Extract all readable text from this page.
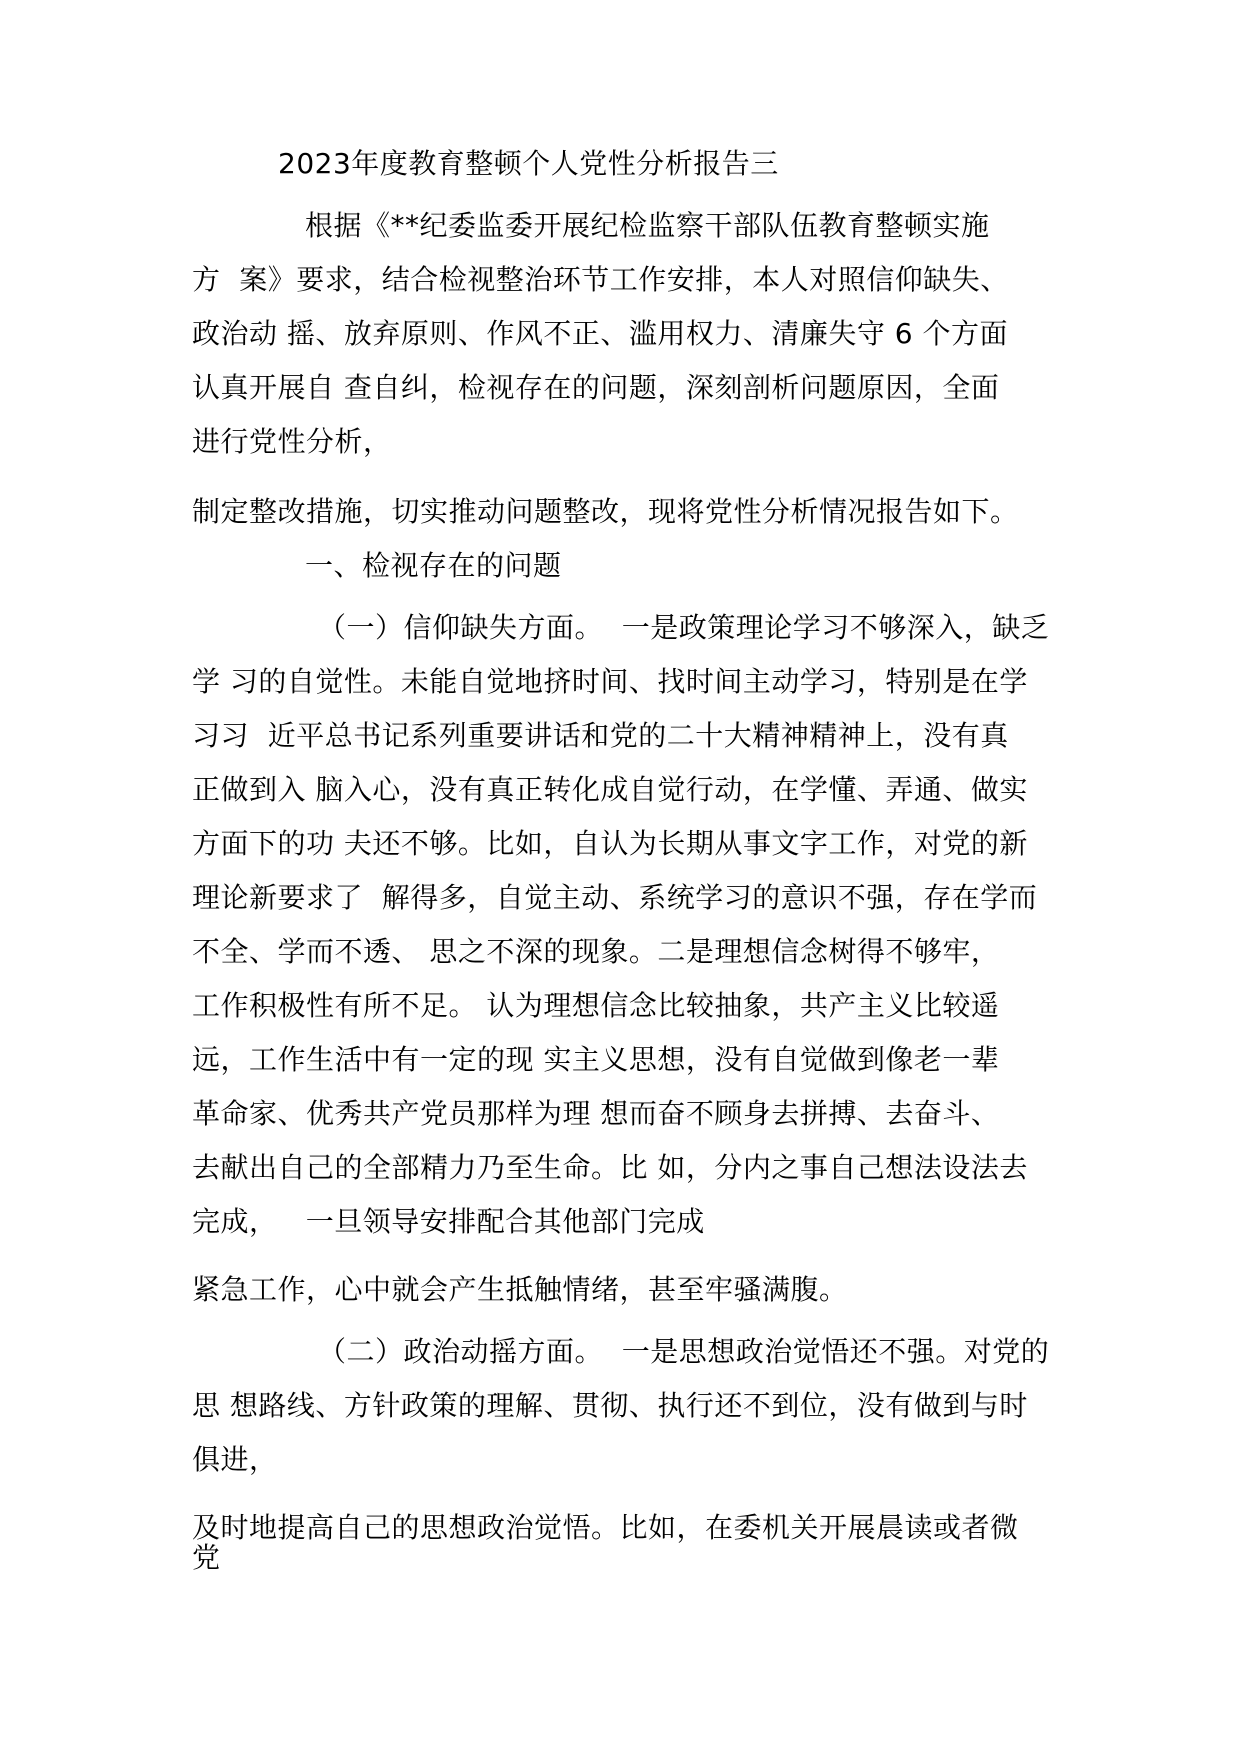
2023年度教育整顿个人党性分析报告三
根据《**纪委监委开展纪检监察干部队伍教育整顿实施
方  案》要求，结合检视整治环节工作安排，本人对照信仰缺失、
政治动 摇、放弃原则、作风不正、滥用权力、清廉失守 6 个方面
认真开展自 查自纠，检视存在的问题，深刻剖析问题原因，全面
进行党性分析，
制定整改措施，切实推动问题整改，现将党性分析情况报告如下。
一、检视存在的问题
（一）信仰缺失方面。  一是政策理论学习不够深入，缺乏
学 习的自觉性。未能自觉地挤时间、找时间主动学习，特别是在学
习习  近平总书记系列重要讲话和党的二十大精神精神上，没有真
正做到入 脑入心，没有真正转化成自觉行动，在学懂、弄通、做实
方面下的功 夫还不够。比如，自认为长期从事文字工作，对党的新
理论新要求了  解得多，自觉主动、系统学习的意识不强，存在学而
不全、学而不透、 思之不深的现象。二是理想信念树得不够牢，
工作积极性有所不足。 认为理想信念比较抽象，共产主义比较遥
远，工作生活中有一定的现 实主义思想，没有自觉做到像老一辈
革命家、优秀共产党员那样为理 想而奋不顾身去拼搏、去奋斗、
去献出自己的全部精力乃至生命。比 如，分内之事自己想法设法去
完成，   一旦领导安排配合其他部门完成
紧急工作，心中就会产生抵触情绪，甚至牢骚满腹。
（二）政治动摇方面。  一是思想政治觉悟还不强。对党的
思 想路线、方针政策的理解、贯彻、执行还不到位，没有做到与时
俱进，
及时地提高自己的思想政治觉悟。比如，在委机关开展晨读或者微
党
